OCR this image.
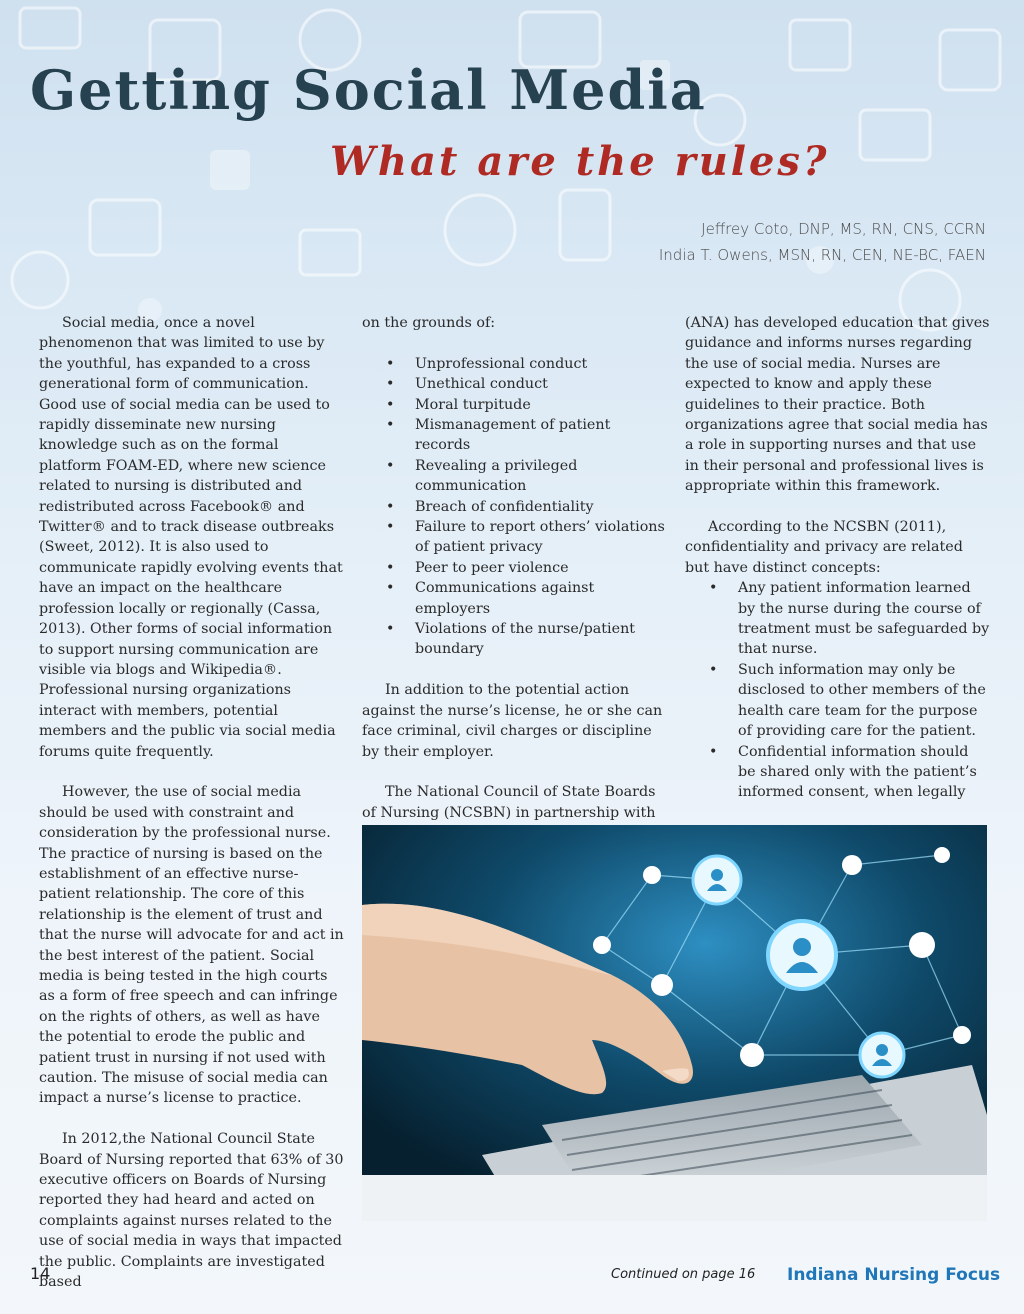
Getting Social Media
What are the rules?
Jeffrey Coto, DNP, MS, RN, CNS, CCRN
India T. Owens, MSN, RN, CEN, NE-BC, FAEN

Social media, once a novel phenomenon that was limited to use by the youthful, has expanded to a cross generational form of communication. Good use of social media can be used to rapidly disseminate new nursing knowledge such as on the formal platform FOAM-ED, where new science related to nursing is distributed and redistributed across Facebook® and Twitter® and to track disease outbreaks (Sweet, 2012). It is also used to communicate rapidly evolving events that have an impact on the healthcare profession locally or regionally (Cassa, 2013). Other forms of social information to support nursing communication are visible via blogs and Wikipedia®. Professional nursing organizations interact with members, potential members and the public via social media forums quite frequently.

However, the use of social media should be used with constraint and consideration by the professional nurse. The practice of nursing is based on the establishment of an effective nurse-patient relationship. The core of this relationship is the element of trust and that the nurse will advocate for and act in the best interest of the patient. Social media is being tested in the high courts as a form of free speech and can infringe on the rights of others, as well as have the potential to erode the public and patient trust in nursing if not used with caution. The misuse of social media can impact a nurse’s license to practice.

In 2012,the National Council State Board of Nursing reported that 63% of 30 executive officers on Boards of Nursing reported they had heard and acted on complaints against nurses related to the use of social media in ways that impacted the public. Complaints are investigated based

on the grounds of:

• Unprofessional conduct
• Unethical conduct
• Moral turpitude
• Mismanagement of patient records
• Revealing a privileged communication
• Breach of confidentiality
• Failure to report others’ violations of patient privacy
• Peer to peer violence
• Communications against employers
• Violations of the nurse/patient boundary

In addition to the potential action against the nurse’s license, he or she can face criminal, civil charges or discipline by their employer.

The National Council of State Boards of Nursing (NCSBN) in partnership with

(ANA) has developed education that gives guidance and informs nurses regarding the use of social media. Nurses are expected to know and apply these guidelines to their practice. Both organizations agree that social media has a role in supporting nurses and that use in their personal and professional lives is appropriate within this framework.

According to the NCSBN (2011), confidentiality and privacy are related but have distinct concepts:

• Any patient information learned by the nurse during the course of treatment must be safeguarded by that nurse.
• Such information may only be disclosed to other members of the health care team for the purpose of providing care for the patient.
• Confidential information should be shared only with the patient’s informed consent, when legally
14	Continued on page 16 Indiana Nursing Focus
